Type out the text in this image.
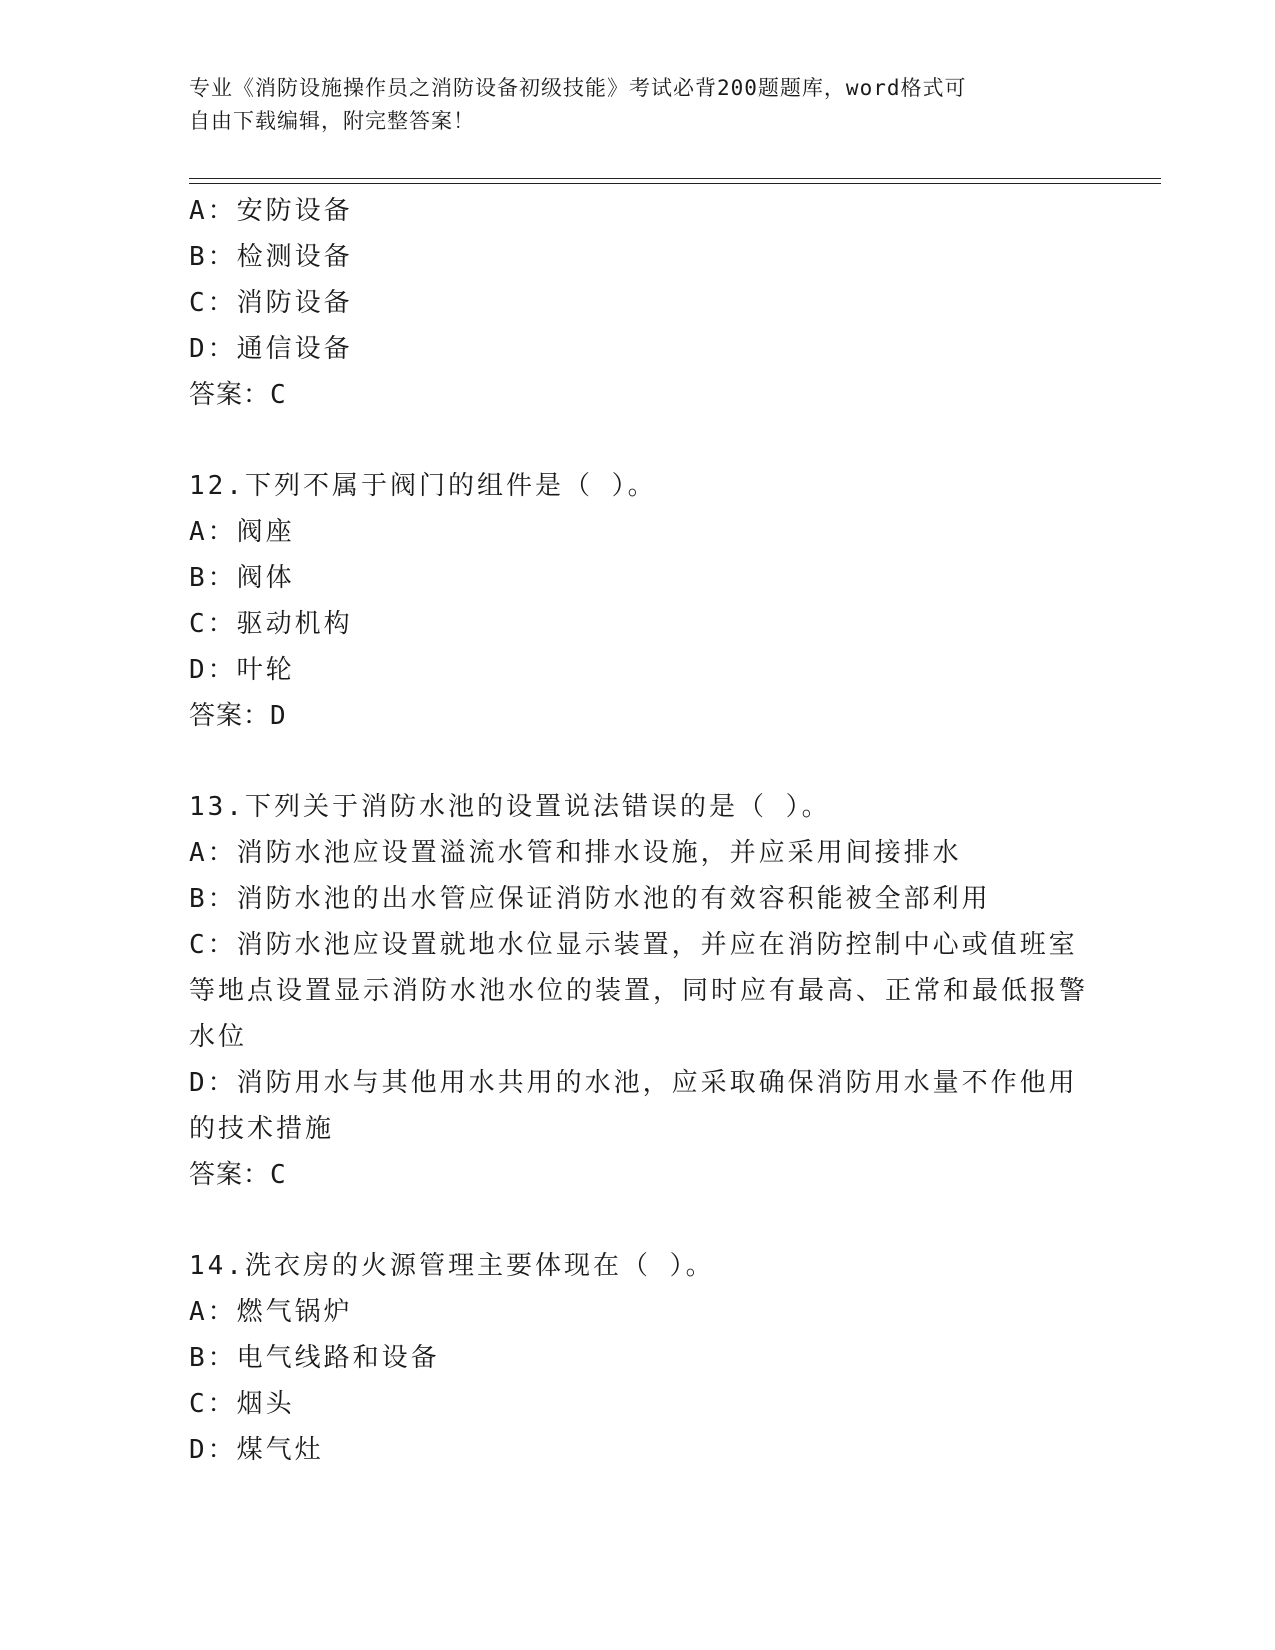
专业《消防设施操作员之消防设备初级技能》考试必背200题题库，word格式可
自由下载编辑，附完整答案！
A：安防设备
B：检测设备
C：消防设备
D：通信设备
答案：C
12.下列不属于阀门的组件是（ ）。
A：阀座
B：阀体
C：驱动机构
D：叶轮
答案：D
13.下列关于消防水池的设置说法错误的是（ ）。
A：消防水池应设置溢流水管和排水设施，并应采用间接排水
B：消防水池的出水管应保证消防水池的有效容积能被全部利用
C：消防水池应设置就地水位显示装置，并应在消防控制中心或值班室等地点设置显示消防水池水位的装置，同时应有最高、正常和最低报警水位
D：消防用水与其他用水共用的水池，应采取确保消防用水量不作他用的技术措施
答案：C
14.洗衣房的火源管理主要体现在（ ）。
A：燃气锅炉
B：电气线路和设备
C：烟头
D：煤气灶
